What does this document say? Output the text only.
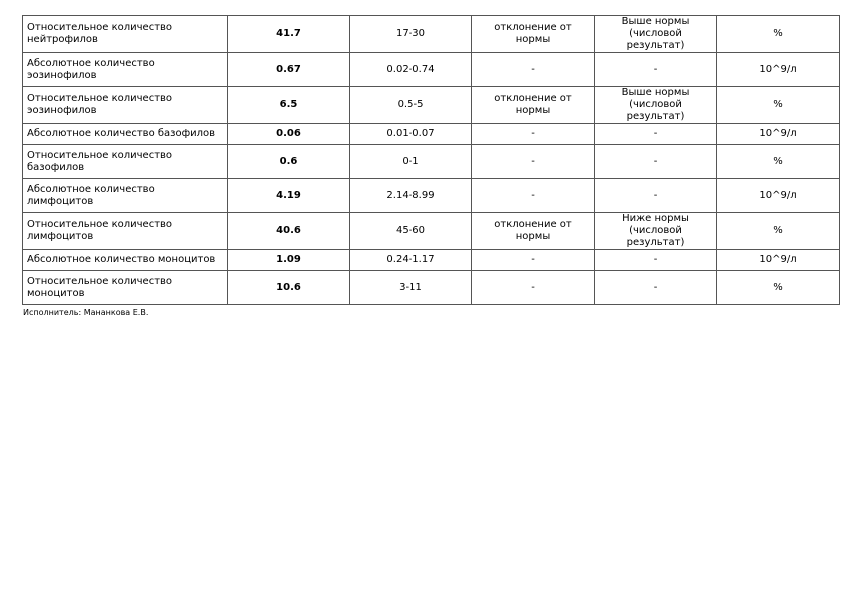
Относительное количество нейтрофилов	41.7	17-30	отклонение от нормы	Выше нормы (числовой результат)	%
Абсолютное количество эозинофилов	0.67	0.02-0.74	-	-	10^9/л
Относительное количество эозинофилов	6.5	0.5-5	отклонение от нормы	Выше нормы (числовой результат)	%
Абсолютное количество базофилов	0.06	0.01-0.07	-	-	10^9/л
Относительное количество базофилов	0.6	0-1	-	-	%
Абсолютное количество лимфоцитов	4.19	2.14-8.99	-	-	10^9/л
Относительное количество лимфоцитов	40.6	45-60	отклонение от нормы	Ниже нормы (числовой результат)	%
Абсолютное количество моноцитов	1.09	0.24-1.17	-	-	10^9/л
Относительное количество моноцитов	10.6	3-11	-	-	%
Исполнитель: Манaнкова Е.В.
